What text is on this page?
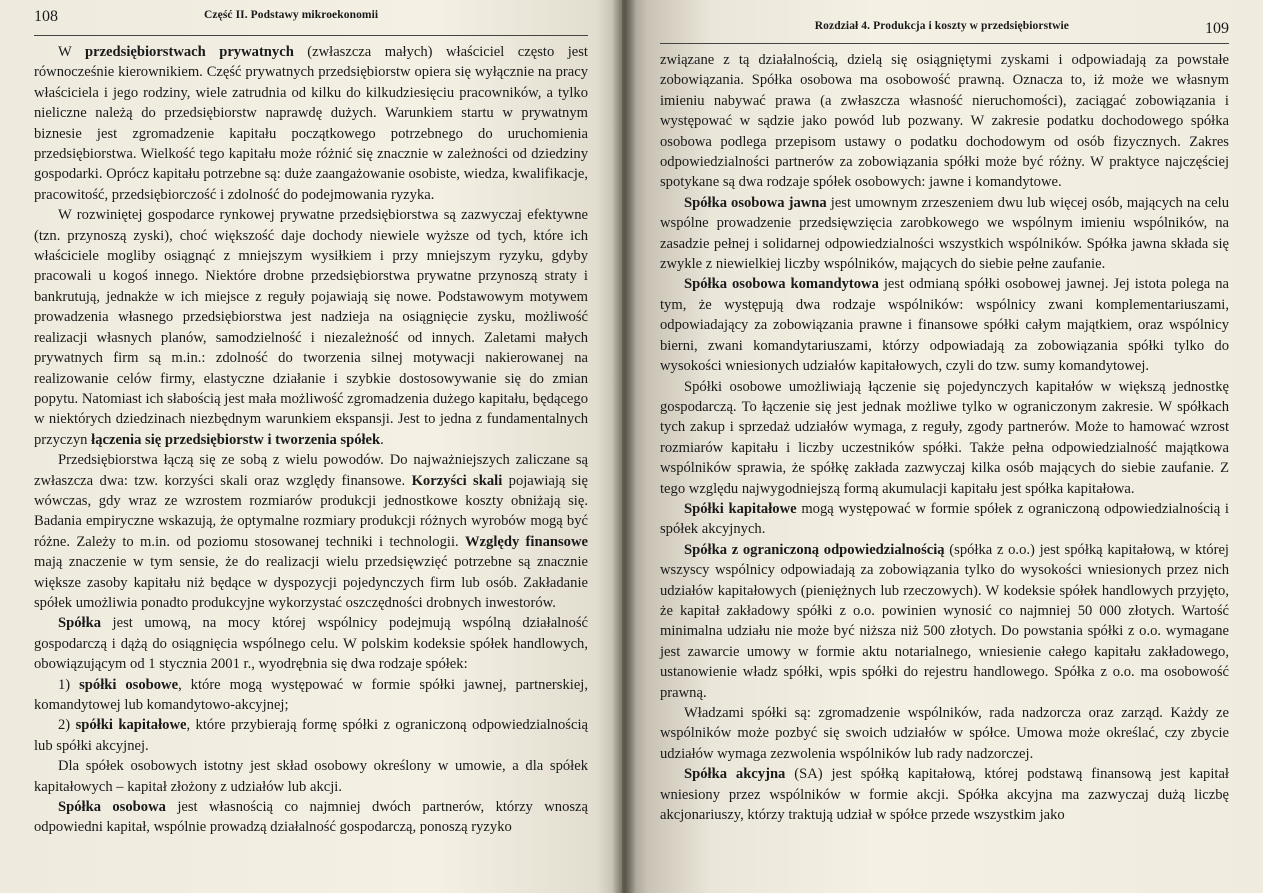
108	Część II. Podstawy mikroekonomii

W przedsiębiorstwach prywatnych (zwłaszcza małych) właściciel często jest równocześnie kierownikiem. Część prywatnych przedsiębiorstw opiera się wyłącznie na pracy właściciela i jego rodziny, wiele zatrudnia od kilku do kilkudziesięciu pracowników, a tylko nieliczne należą do przedsiębiorstw naprawdę dużych. Warunkiem startu w prywatnym biznesie jest zgromadzenie kapitału początkowego potrzebnego do uruchomienia przedsiębiorstwa. Wielkość tego kapitału może różnić się znacznie w zależności od dziedziny gospodarki. Oprócz kapitału potrzebne są: duże zaangażowanie osobiste, wiedza, kwalifikacje, pracowitość, przedsiębiorczość i zdolność do podejmowania ryzyka.

W rozwiniętej gospodarce rynkowej prywatne przedsiębiorstwa są zazwyczaj efektywne (tzn. przynoszą zyski), choć większość daje dochody niewiele wyższe od tych, które ich właściciele mogliby osiągnąć z mniejszym wysiłkiem i przy mniejszym ryzyku, gdyby pracowali u kogoś innego. Niektóre drobne przedsiębiorstwa prywatne przynoszą straty i bankrutują, jednakże w ich miejsce z reguły pojawiają się nowe. Podstawowym motywem prowadzenia własnego przedsiębiorstwa jest nadzieja na osiągnięcie zysku, możliwość realizacji własnych planów, samodzielność i niezależność od innych. Zaletami małych prywatnych firm są m.in.: zdolność do tworzenia silnej motywacji nakierowanej na realizowanie celów firmy, elastyczne działanie i szybkie dostosowywanie się do zmian popytu. Natomiast ich słabością jest mała możliwość zgromadzenia dużego kapitału, będącego w niektórych dziedzinach niezbędnym warunkiem ekspansji. Jest to jedna z fundamentalnych przyczyn łączenia się przedsiębiorstw i tworzenia spółek.

Przedsiębiorstwa łączą się ze sobą z wielu powodów. Do najważniejszych zaliczane są zwłaszcza dwa: tzw. korzyści skali oraz względy finansowe. Korzyści skali pojawiają się wówczas, gdy wraz ze wzrostem rozmiarów produkcji jednostkowe koszty obniżają się. Badania empiryczne wskazują, że optymalne rozmiary produkcji różnych wyrobów mogą być różne. Zależy to m.in. od poziomu stosowanej techniki i technologii. Względy finansowe mają znaczenie w tym sensie, że do realizacji wielu przedsięwzięć potrzebne są znacznie większe zasoby kapitału niż będące w dyspozycji pojedynczych firm lub osób. Zakładanie spółek umożliwia ponadto produkcyjne wykorzystać oszczędności drobnych inwestorów.

Spółka jest umową, na mocy której wspólnicy podejmują wspólną działalność gospodarczą i dążą do osiągnięcia wspólnego celu. W polskim kodeksie spółek handlowych, obowiązującym od 1 stycznia 2001 r., wyodrębnia się dwa rodzaje spółek:

1) spółki osobowe, które mogą występować w formie spółki jawnej, partnerskiej, komandytowej lub komandytowo-akcyjnej;

2) spółki kapitałowe, które przybierają formę spółki z ograniczoną odpowiedzialnością lub spółki akcyjnej.

Dla spółek osobowych istotny jest skład osobowy określony w umowie, a dla spółek kapitałowych – kapitał złożony z udziałów lub akcji.

Spółka osobowa jest własnością co najmniej dwóch partnerów, którzy wnoszą odpowiedni kapitał, wspólnie prowadzą działalność gospodarczą, ponoszą ryzyko

Rozdział 4. Produkcja i koszty w przedsiębiorstwie	109

związane z tą działalnością, dzielą się osiągniętymi zyskami i odpowiadają za powstałe zobowiązania. Spółka osobowa ma osobowość prawną. Oznacza to, iż może we własnym imieniu nabywać prawa (a zwłaszcza własność nieruchomości), zaciągać zobowiązania i występować w sądzie jako powód lub pozwany. W zakresie podatku dochodowego spółka osobowa podlega przepisom ustawy o podatku dochodowym od osób fizycznych. Zakres odpowiedzialności partnerów za zobowiązania spółki może być różny. W praktyce najczęściej spotykane są dwa rodzaje spółek osobowych: jawne i komandytowe.

Spółka osobowa jawna jest umownym zrzeszeniem dwu lub więcej osób, mających na celu wspólne prowadzenie przedsięwzięcia zarobkowego we wspólnym imieniu wspólników, na zasadzie pełnej i solidarnej odpowiedzialności wszystkich wspólników. Spółka jawna składa się zwykle z niewielkiej liczby wspólników, mających do siebie pełne zaufanie.

Spółka osobowa komandytowa jest odmianą spółki osobowej jawnej. Jej istota polega na tym, że występują dwa rodzaje wspólników: wspólnicy zwani komplementariuszami, odpowiadający za zobowiązania prawne i finansowe spółki całym majątkiem, oraz wspólnicy bierni, zwani komandytariuszami, którzy odpowiadają za zobowiązania spółki tylko do wysokości wniesionych udziałów kapitałowych, czyli do tzw. sumy komandytowej.

Spółki osobowe umożliwiają łączenie się pojedynczych kapitałów w większą jednostkę gospodarczą. To łączenie się jest jednak możliwe tylko w ograniczonym zakresie. W spółkach tych zakup i sprzedaż udziałów wymaga, z reguły, zgody partnerów. Może to hamować wzrost rozmiarów kapitału i liczby uczestników spółki. Także pełna odpowiedzialność majątkowa wspólników sprawia, że spółkę zakłada zazwyczaj kilka osób mających do siebie zaufanie. Z tego względu najwygodniejszą formą akumulacji kapitału jest spółka kapitałowa.

Spółki kapitałowe mogą występować w formie spółek z ograniczoną odpowiedzialnością i spółek akcyjnych.

Spółka z ograniczoną odpowiedzialnością (spółka z o.o.) jest spółką kapitałową, w której wszyscy wspólnicy odpowiadają za zobowiązania tylko do wysokości wniesionych przez nich udziałów kapitałowych (pieniężnych lub rzeczowych). W kodeksie spółek handlowych przyjęto, że kapitał zakładowy spółki z o.o. powinien wynosić co najmniej 50 000 złotych. Wartość minimalna udziału nie może być niższa niż 500 złotych. Do powstania spółki z o.o. wymagane jest zawarcie umowy w formie aktu notarialnego, wniesienie całego kapitału zakładowego, ustanowienie władz spółki, wpis spółki do rejestru handlowego. Spółka z o.o. ma osobowość prawną.

Władzami spółki są: zgromadzenie wspólników, rada nadzorcza oraz zarząd. Każdy ze wspólników może pozbyć się swoich udziałów w spółce. Umowa może określać, czy zbycie udziałów wymaga zezwolenia wspólników lub rady nadzorczej.

Spółka akcyjna (SA) jest spółką kapitałową, której podstawą finansową jest kapitał wniesiony przez wspólników w formie akcji. Spółka akcyjna ma zazwyczaj dużą liczbę akcjonariuszy, którzy traktują udział w spółce przede wszystkim jako
